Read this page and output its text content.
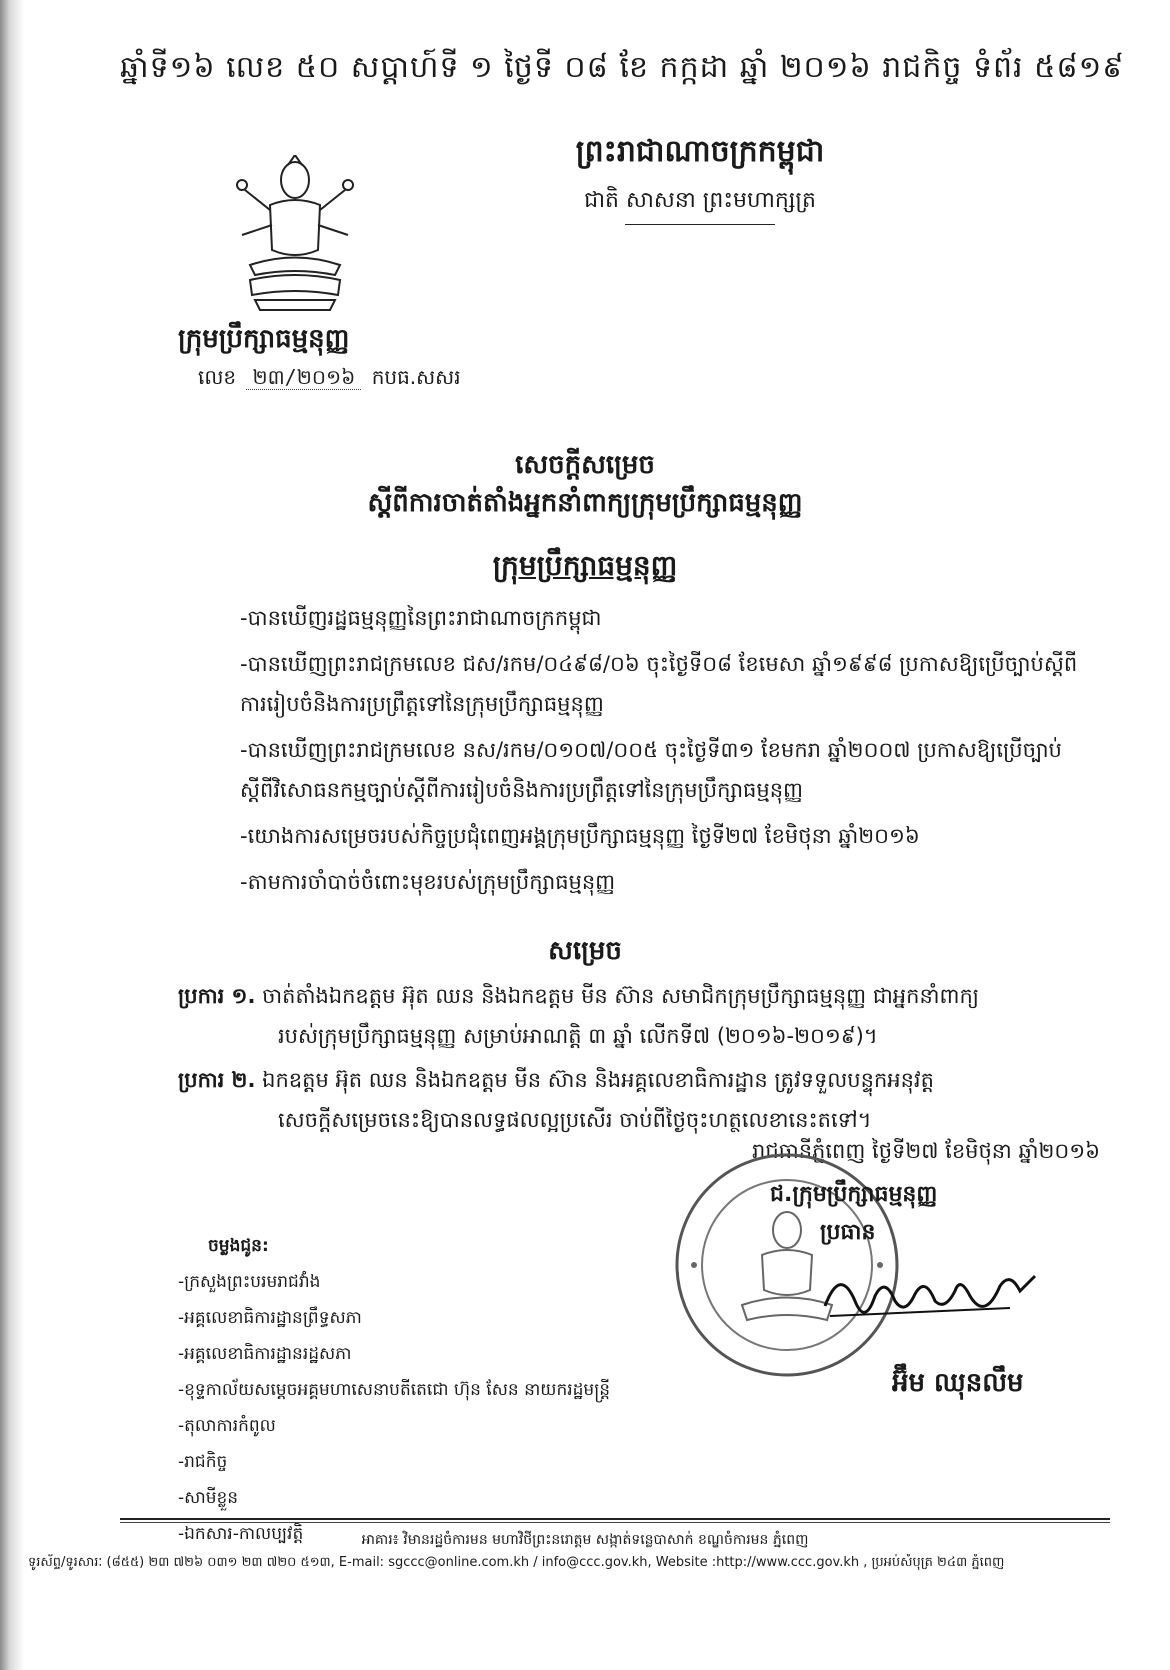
ឆ្នាំទី១៦ លេខ ៥០ សប្តាហ៍ទី ១ ថ្ងៃទី ០៨ ខែ កក្កដា ឆ្នាំ ២០១៦ រាជកិច្ច ទំព័រ ៥៨១៩
ព្រះរាជាណាចក្រកម្ពុជា
ជាតិ សាសនា ព្រះមហាក្សត្រ
ក្រុមប្រឹក្សាធម្មនុញ្ញ
លេខ ២៣/២០១៦ កបធ.សសរ
សេចក្តីសម្រេច
ស្តីពីការចាត់តាំងអ្នកនាំពាក្យក្រុមប្រឹក្សាធម្មនុញ្ញ
ក្រុមប្រឹក្សាធម្មនុញ្ញ
-បានឃើញរដ្ឋធម្មនុញ្ញនៃព្រះរាជាណាចក្រកម្ពុជា
-បានឃើញព្រះរាជក្រមលេខ ជស/រកម/០៤៩៨/០៦ ចុះថ្ងៃទី០៨ ខែមេសា ឆ្នាំ១៩៩៨ ប្រកាសឱ្យប្រើច្បាប់ស្តីពីការរៀបចំនិងការប្រព្រឹត្តទៅនៃក្រុមប្រឹក្សាធម្មនុញ្ញ
-បានឃើញព្រះរាជក្រមលេខ នស/រកម/០១០៧/០០៥ ចុះថ្ងៃទី៣១ ខែមករា ឆ្នាំ២០០៧ ប្រកាសឱ្យប្រើច្បាប់ស្តីពីវិសោធនកម្មច្បាប់ស្តីពីការរៀបចំនិងការប្រព្រឹត្តទៅនៃក្រុមប្រឹក្សាធម្មនុញ្ញ
-យោងការសម្រេចរបស់កិច្ចប្រជុំពេញអង្គក្រុមប្រឹក្សាធម្មនុញ្ញ ថ្ងៃទី២៧ ខែមិថុនា ឆ្នាំ២០១៦
-តាមការចាំបាច់ចំពោះមុខរបស់ក្រុមប្រឹក្សាធម្មនុញ្ញ
សម្រេច
ប្រការ ១. ចាត់តាំងឯកឧត្តម អ៊ុត ឈន និងឯកឧត្តម មីន ស៊ាន សមាជិកក្រុមប្រឹក្សាធម្មនុញ្ញ ជាអ្នកនាំពាក្យ
របស់ក្រុមប្រឹក្សាធម្មនុញ្ញ សម្រាប់អាណត្តិ ៣ ឆ្នាំ លើកទី៧ (២០១៦-២០១៩)។
ប្រការ ២. ឯកឧត្តម អ៊ុត ឈន និងឯកឧត្តម មីន ស៊ាន និងអគ្គលេខាធិការដ្ឋាន ត្រូវទទួលបន្ទុកអនុវត្ត
សេចក្តីសម្រេចនេះឱ្យបានលទ្ធផលល្អប្រសើរ ចាប់ពីថ្ងៃចុះហត្ថលេខានេះតទៅ។
រាជធានីភ្នំពេញ ថ្ងៃទី២៧ ខែមិថុនា ឆ្នាំ២០១៦
ជ.ក្រុមប្រឹក្សាធម្មនុញ្ញ
ប្រធាន
អ៊ឹម ឈុនលឹម
ចម្លងជូន:
-ក្រសួងព្រះបរមរាជវាំង
-អគ្គលេខាធិការដ្ឋានព្រឹទ្ធសភា
-អគ្គលេខាធិការដ្ឋានរដ្ឋសភា
-ខុទ្ទកាល័យសម្តេចអគ្គមហាសេនាបតីតេជោ ហ៊ុន សែន នាយករដ្ឋមន្ត្រី
-តុលាការកំពូល
-រាជកិច្ច
-សាមីខ្លួន
-ឯកសារ-កាលប្បវត្តិ	អាគារ៖ វិមានរដ្ឋចំការមន មហាវិថីព្រះនរោត្តម សង្កាត់ទន្លេបាសាក់ ខណ្ឌចំការមន ភ្នំពេញ
ទូរស័ព្ទ/ទូរសារៈ (៨៥៥) ២៣ ៧២៦ ០៣១ ២៣ ៧២០ ៥១៣, E-mail: sgccc@online.com.kh / info@ccc.gov.kh, Website :http://www.ccc.gov.kh , ប្រអប់សំបុត្រ ២៤៣ ភ្នំពេញ
